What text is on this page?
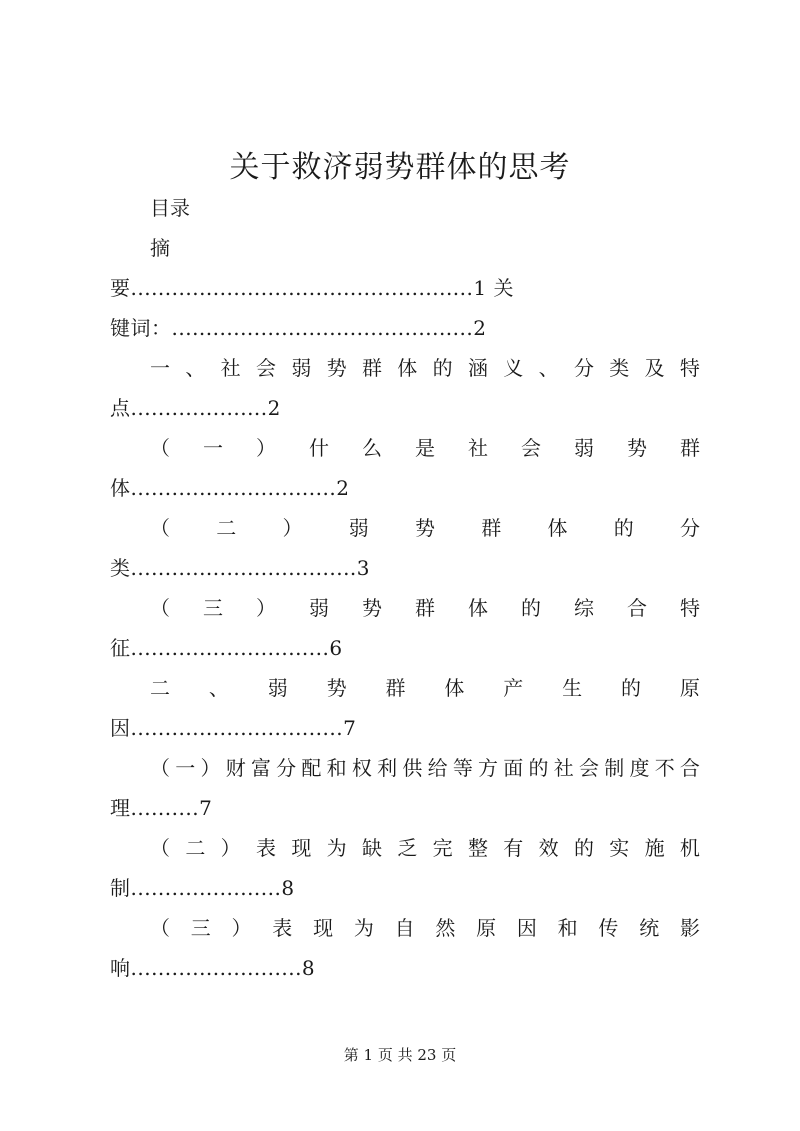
关于救济弱势群体的思考
目录
摘
要..................................................1 关
键词：............................................2
一 、 社 会 弱 势 群 体 的 涵 义 、 分 类 及 特
点....................2
（ 一 ） 什 么 是 社 会 弱 势 群
体..............................2
（ 二 ） 弱 势 群 体 的 分
类.................................3
（ 三 ） 弱 势 群 体 的 综 合 特
征.............................6
二 、 弱 势 群 体 产 生 的 原
因...............................7
（ 一 ） 财 富 分 配 和 权 利 供 给 等 方 面 的 社 会 制 度 不 合
理..........7
（ 二 ） 表 现 为 缺 乏 完 整 有 效 的 实 施 机
制......................8
（ 三 ） 表 现 为 自 然 原 因 和 传 统 影
响.........................8
第 1 页 共 23 页
